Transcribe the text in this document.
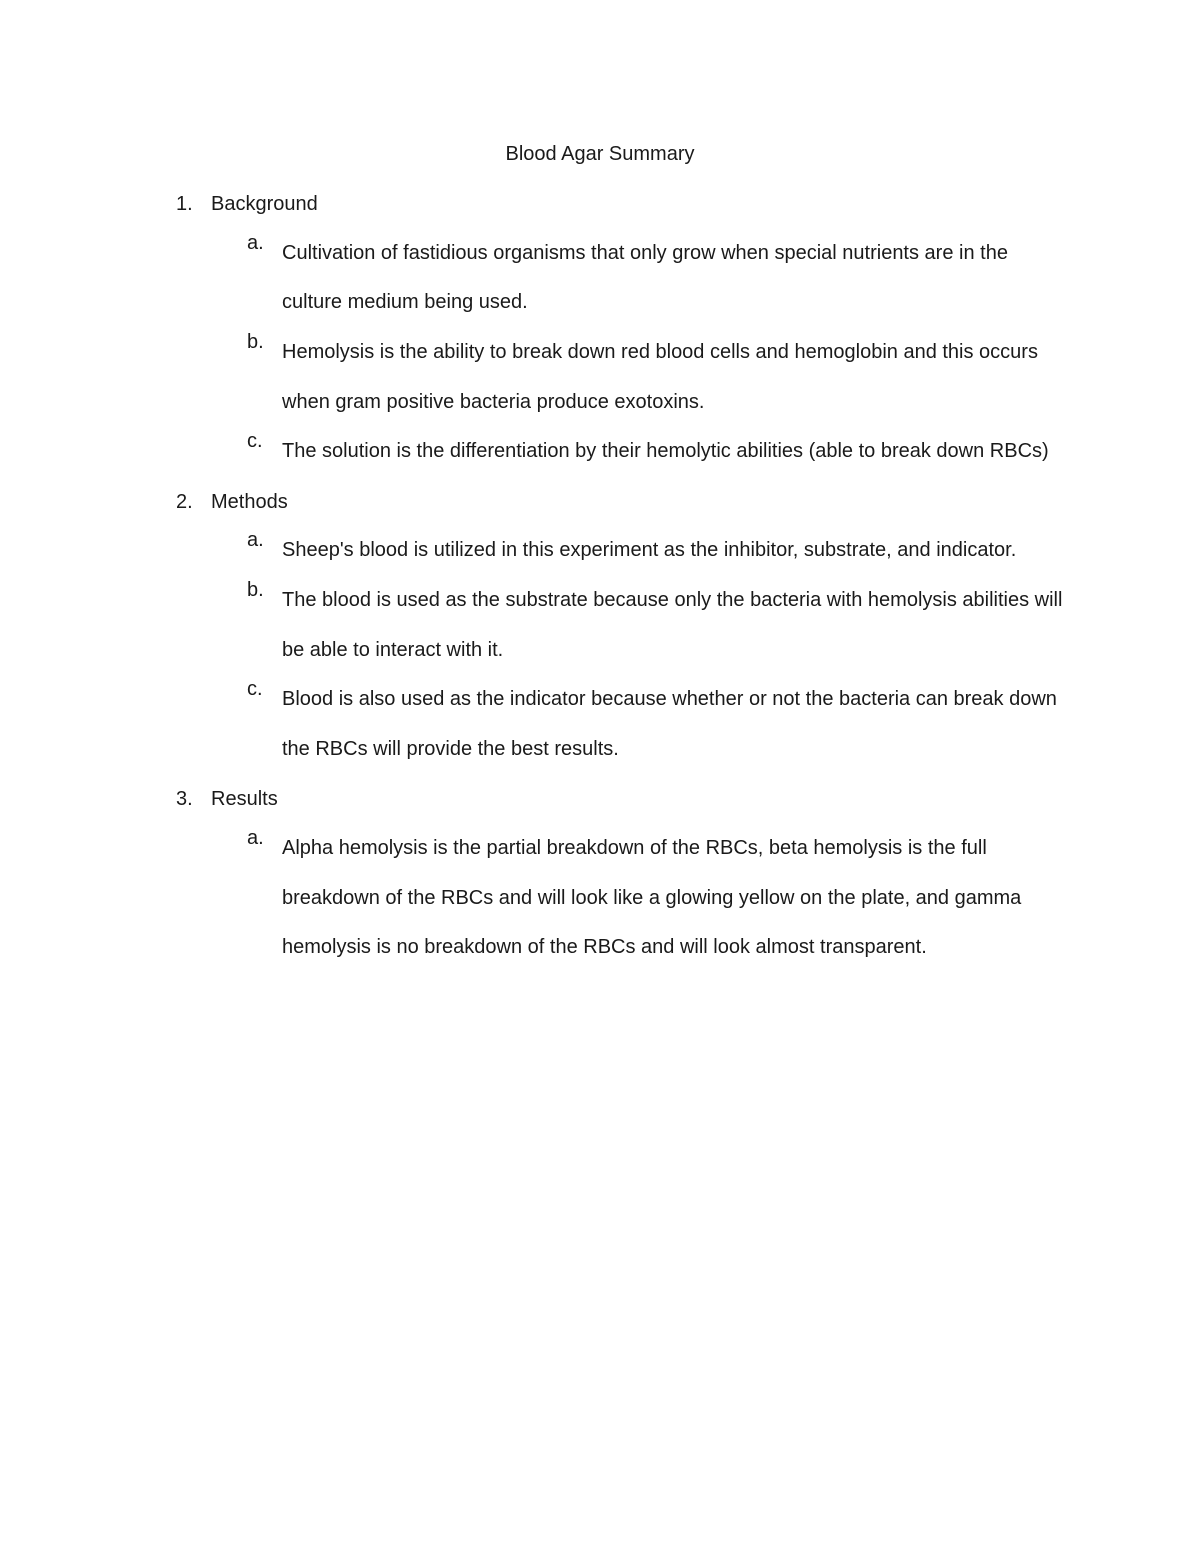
Blood Agar Summary
1. Background
a. Cultivation of fastidious organisms that only grow when special nutrients are in the culture medium being used.
b. Hemolysis is the ability to break down red blood cells and hemoglobin and this occurs when gram positive bacteria produce exotoxins.
c. The solution is the differentiation by their hemolytic abilities (able to break down RBCs)
2. Methods
a. Sheep's blood is utilized in this experiment as the inhibitor, substrate, and indicator.
b. The blood is used as the substrate because only the bacteria with hemolysis abilities will be able to interact with it.
c. Blood is also used as the indicator because whether or not the bacteria can break down the RBCs will provide the best results.
3. Results
a. Alpha hemolysis is the partial breakdown of the RBCs, beta hemolysis is the full breakdown of the RBCs and will look like a glowing yellow on the plate, and gamma hemolysis is no breakdown of the RBCs and will look almost transparent.
